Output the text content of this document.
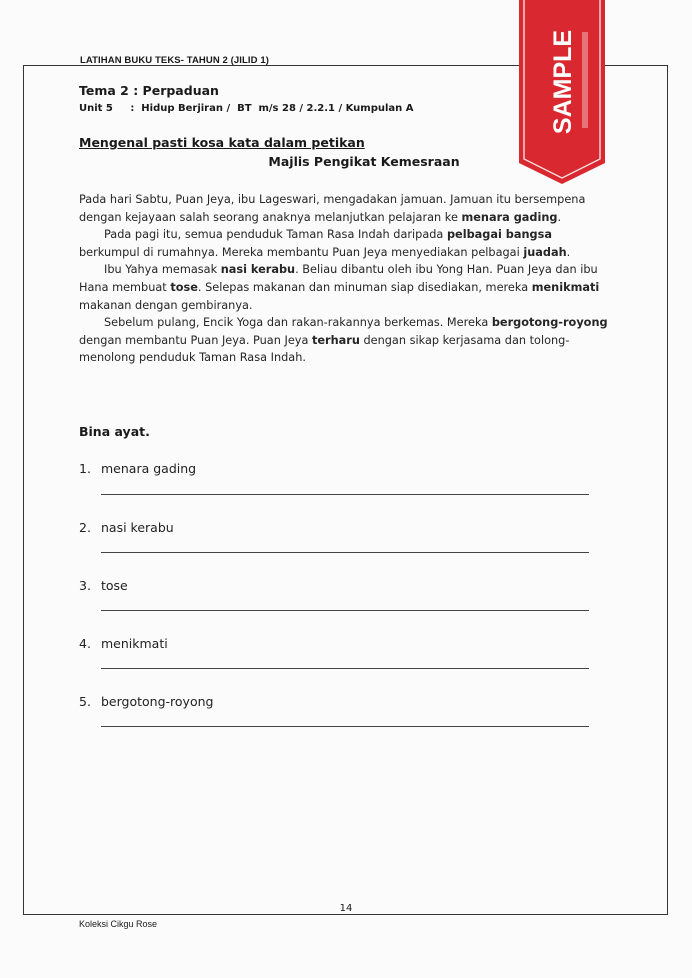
LATIHAN BUKU TEKS- TAHUN 2 (JILID 1)
Tema 2 : Perpaduan
Unit 5 :  Hidup Berjiran /  BT  m/s 28 / 2.2.1 / Kumpulan A
Mengenal pasti kosa kata dalam petikan
Majlis Pengikat Kemesraan

Pada hari Sabtu, Puan Jeya, ibu Lageswari, mengadakan jamuan. Jamuan itu bersempena dengan kejayaan salah seorang anaknya melanjutkan pelajaran ke menara gading.

Pada pagi itu, semua penduduk Taman Rasa Indah daripada pelbagai bangsa berkumpul di rumahnya. Mereka membantu Puan Jeya menyediakan pelbagai juadah.

Ibu Yahya memasak nasi kerabu. Beliau dibantu oleh ibu Yong Han. Puan Jeya dan ibu Hana membuat tose. Selepas makanan dan minuman siap disediakan, mereka menikmati makanan dengan gembiranya.

Sebelum pulang, Encik Yoga dan rakan-rakannya berkemas. Mereka bergotong-royong dengan membantu Puan Jeya. Puan Jeya terharu dengan sikap kerjasama dan tolong-menolong penduduk Taman Rasa Indah.

Bina ayat.
1. menara gading
2. nasi kerabu
3. tose
4. menikmati
5. bergotong-royong
14
Koleksi Cikgu Rose
SAMPLE
